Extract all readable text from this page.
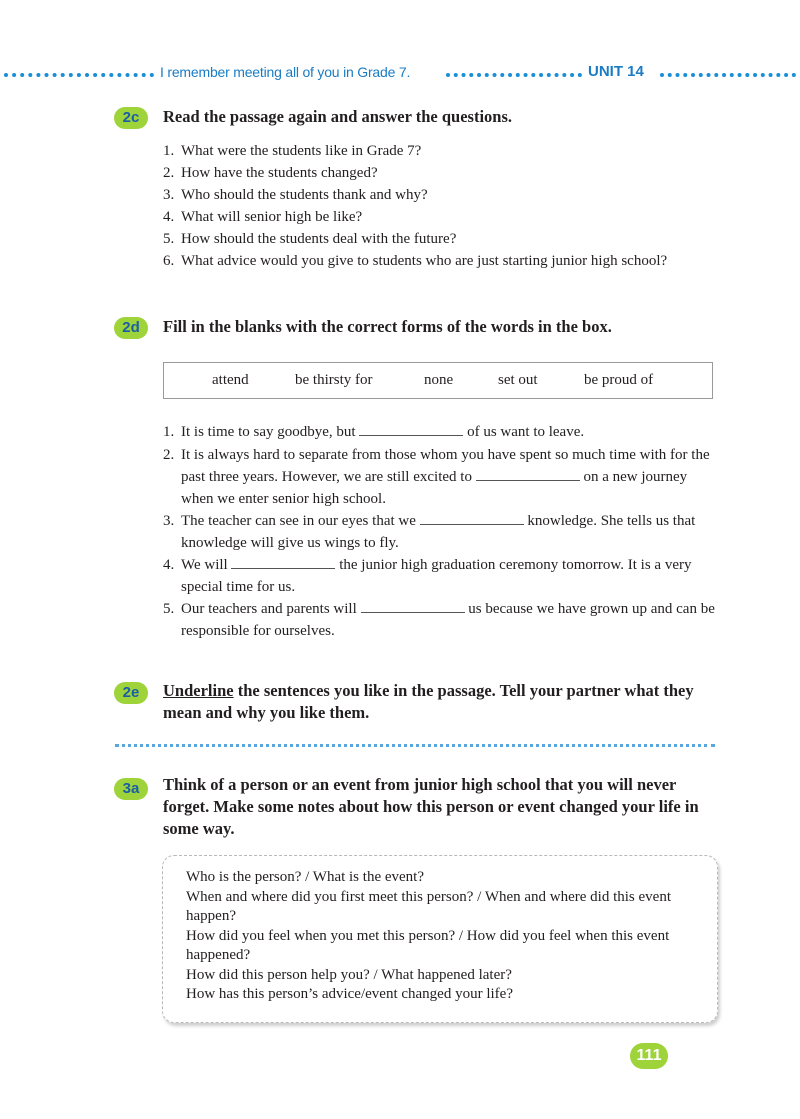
I remember meeting all of you in Grade 7.	UNIT 14
2c	Read the passage again and answer the questions.
1. What were the students like in Grade 7?
2. How have the students changed?
3. Who should the students thank and why?
4. What will senior high be like?
5. How should the students deal with the future?
6. What advice would you give to students who are just starting junior high school?
2d	Fill in the blanks with the correct forms of the words in the box.
attend	be thirsty for	none	set out	be proud of
1. It is time to say goodbye, but	of us want to leave.
2. It is always hard to separate from those whom you have spent so much time with for the past three years. However, we are still excited to	on a new journey when we enter senior high school.
3. The teacher can see in our eyes that we	knowledge. She tells us that knowledge will give us wings to fly.
4. We will	the junior high graduation ceremony tomorrow. It is a very special time for us.
5. Our teachers and parents will	us because we have grown up and can be responsible for ourselves.
2e	Underline the sentences you like in the passage. Tell your partner what they mean and why you like them.
3a	Think of a person or an event from junior high school that you will never forget. Make some notes about how this person or event changed your life in some way.
Who is the person? / What is the event?
When and where did you first meet this person? / When and where did this event happen?
How did you feel when you met this person? / How did you feel when this event happened?
How did this person help you? / What happened later?
How has this person’s advice/event changed your life?
111
